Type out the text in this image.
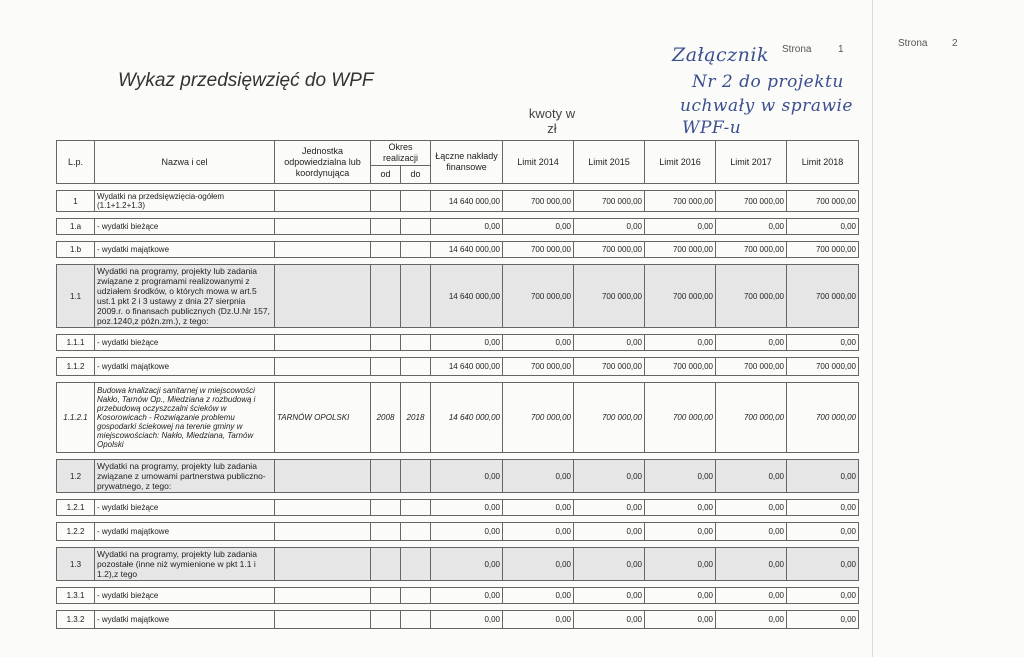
Wykaz przedsięwzięć do WPF
Strona	1
Strona 2
kwoty w
zł
Załącznik
Nr 2 do projektu
uchwały w sprawie
WPF-u
L.p.	Nazwa i cel	Jednostka odpowiedzialna lub koordynująca	Okres realizacji		Łączne nakłady finansowe	Limit 2014	Limit 2015	Limit 2016	Limit 2017	Limit 2018
			od	do						

1	Wydatki na przedsięwzięcia-ogółem (1.1+1.2+1.3)				14 640 000,00	700 000,00	700 000,00	700 000,00	700 000,00	700 000,00

1.a	- wydatki bieżące				0,00	0,00	0,00	0,00	0,00	0,00

1.b	- wydatki majątkowe				14 640 000,00	700 000,00	700 000,00	700 000,00	700 000,00	700 000,00

1.1	Wydatki na programy, projekty lub zadania związane z programami realizowanymi z udziałem środków, o których mowa w art.5 ust.1 pkt 2 i 3 ustawy z dnia 27 sierpnia 2009.r. o finansach publicznych (Dz.U.Nr 157, poz.1240,z późn.zm.), z tego:				14 640 000,00	700 000,00	700 000,00	700 000,00	700 000,00	700 000,00

1.1.1	- wydatki bieżące				0,00	0,00	0,00	0,00	0,00	0,00

1.1.2	- wydatki majątkowe				14 640 000,00	700 000,00	700 000,00	700 000,00	700 000,00	700 000,00

1.1.2.1	Budowa knalizacji sanitarnej w miejscowości Nakło, Tarnów Op., Miedziana z rozbudową i przebudową oczyszczalni ścieków w Kosorowicach - Rozwiązanie problemu gospodarki ściekowej na terenie gminy w miejscowościach: Nakło, Miedziana, Tarnów Opolski	TARNÓW OPOLSKI	2008	2018	14 640 000,00	700 000,00	700 000,00	700 000,00	700 000,00	700 000,00

1.2	Wydatki na programy, projekty lub zadania związane z umowami partnerstwa publiczno-prywatnego, z tego:				0,00	0,00	0,00	0,00	0,00	0,00

1.2.1	- wydatki bieżące				0,00	0,00	0,00	0,00	0,00	0,00

1.2.2	- wydatki majątkowe				0,00	0,00	0,00	0,00	0,00	0,00

1.3	Wydatki na programy, projekty lub zadania pozostałe (inne niż wymienione w pkt 1.1 i 1.2),z tego				0,00	0,00	0,00	0,00	0,00	0,00

1.3.1	- wydatki bieżące				0,00	0,00	0,00	0,00	0,00	0,00

1.3.2	- wydatki majątkowe				0,00	0,00	0,00	0,00	0,00	0,00
